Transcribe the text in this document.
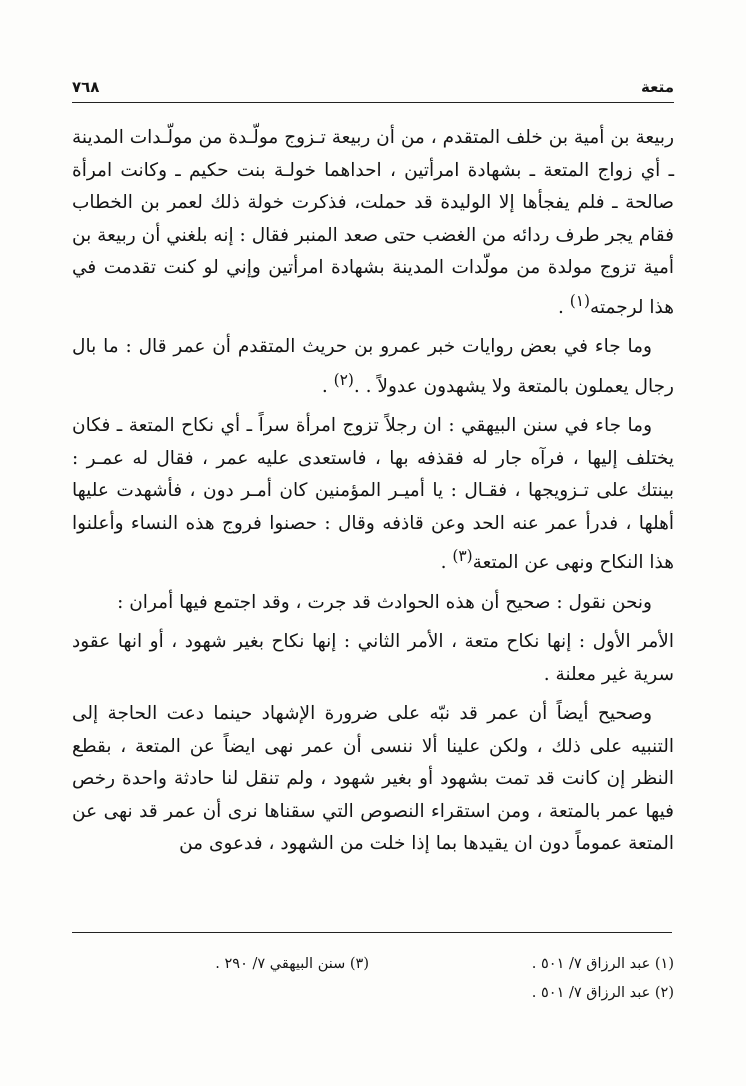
متعة
٧٦٨

ربيعة بن أمية بن خلف المتقدم ، من أن ربيعة تـزوج مولّـدة من مولّـدات المدينة ـ أي زواج المتعة ـ بشهادة امرأتين ، احداهما خولـة بنت حكيم ـ وكانت امرأة صالحة ـ فلم يفجأها إلا الوليدة قد حملت، فذكرت خولة ذلك لعمر بن الخطاب فقام يجر طرف ردائه من الغضب حتى صعد المنبر فقال : إنه بلغني أن ربيعة بن أمية تزوج مولدة من مولّدات المدينة بشهادة امرأتين وإني لو كنت تقدمت في هذا لرجمته$^{(١)}$ .

وما جاء في بعض روايات خبر عمرو بن حريث المتقدم أن عمر قال : ما بال رجال يعملون بالمتعة ولا يشهدون عدولاً . .$^{(٢)}$ .

وما جاء في سنن البيهقي : ان رجلاً تزوج امرأة سراً ـ أي نكاح المتعة ـ فكان يختلف إليها ، فرآه جار له فقذفه بها ، فاستعدى عليه عمر ، فقال له عمـر : بينتك على تـزويجها ، فقـال : يا أميـر المؤمنين كان أمـر دون ، فأشهدت عليها أهلها ، فدرأ عمر عنه الحد وعن قاذفه وقال : حصنوا فروج هذه النساء وأعلنوا هذا النكاح ونهى عن المتعة$^{(٣)}$ .

ونحن نقول : صحيح أن هذه الحوادث قد جرت ، وقد اجتمع فيها أمران :

الأمر الأول : إنها نكاح متعة ، الأمر الثاني : إنها نكاح بغير شهود ، أو انها عقود سرية غير معلنة .

وصحيح أيضاً أن عمر قد نبّه على ضرورة الإشهاد حينما دعت الحاجة إلى التنبيه على ذلك ، ولكن علينا ألا ننسى أن عمر نهى ايضاً عن المتعة ، بقطع النظر إن كانت قد تمت بشهود أو بغير شهود ، ولم تنقل لنا حادثة واحدة رخص فيها عمر بالمتعة ، ومن استقراء النصوص التي سقناها نرى أن عمر قد نهى عن المتعة عموماً دون ان يقيدها بما إذا خلت من الشهود ، فدعوى من

(١) عبد الرزاق ٧/ ٥٠١ .
(٢) عبد الرزاق ٧/ ٥٠١ .
(٣) سنن البيهقي ٧/ ٢٩٠ .
